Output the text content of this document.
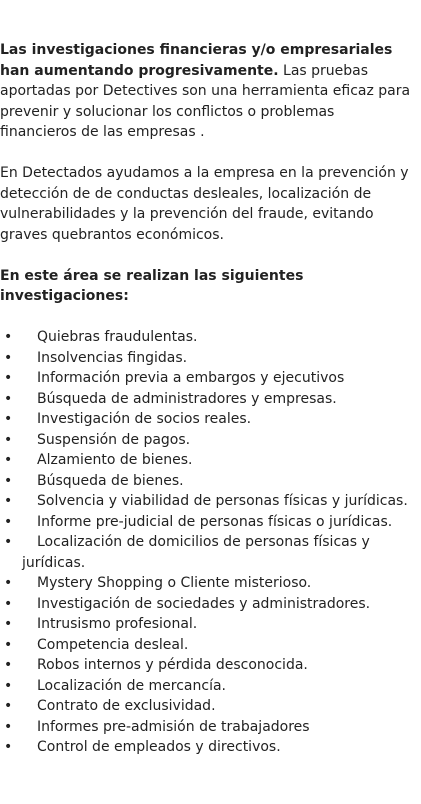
Las investigaciones financieras y/o empresariales han aumentando progresivamente. Las pruebas aportadas por Detectives son una herramienta eficaz para prevenir y solucionar los conflictos o problemas financieros de las empresas .

En Detectados ayudamos a la empresa en la prevención y detección de de conductas desleales, localización de vulnerabilidades y la prevención del fraude, evitando graves quebrantos económicos.

En este área se realizan las siguientes investigaciones:

• Quiebras fraudulentas.
• Insolvencias fingidas.
• Información previa a embargos y ejecutivos
• Búsqueda de administradores y empresas.
• Investigación de socios reales.
• Suspensión de pagos.
• Alzamiento de bienes.
• Búsqueda de bienes.
• Solvencia y viabilidad de personas físicas y jurídicas.
• Informe pre-judicial de personas físicas o jurídicas.
• Localización de domicilios de personas físicas y
jurídicas.
• Mystery Shopping o Cliente misterioso.
• Investigación de sociedades y administradores.
• Intrusismo profesional.
• Competencia desleal.
• Robos internos y pérdida desconocida.
• Localización de mercancía.
• Contrato de exclusividad.
• Informes pre-admisión de trabajadores
• Control de empleados y directivos.
